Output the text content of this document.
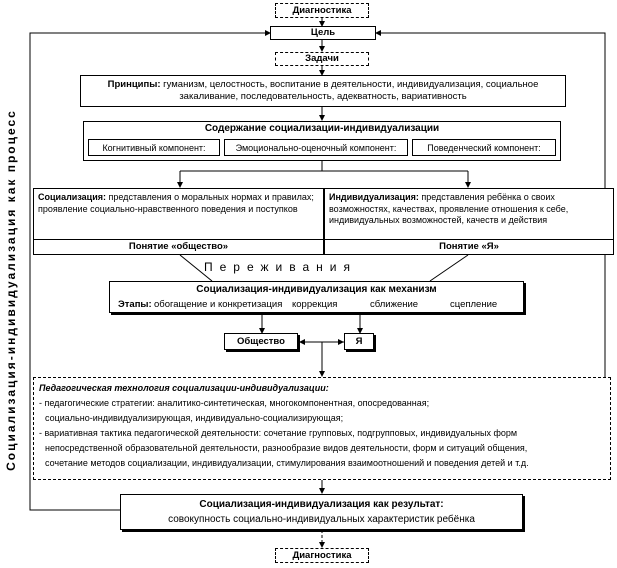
Социализация-индивидуализация как процесс
Диагностика
Цель
Задачи
Принципы: гуманизм, целостность, воспитание в деятельности, индивидуализация, социальное закаливание, последовательность, адекватность, вариативность
Содержание социализации-индивидуализации
Когнитивный компонент:	Эмоционально-оценочный компонент:	Поведенческий компонент:
Социализация: представления о моральных нормах и правилах; проявление социально-нравственного поведения и поступков
Понятие «общество»
Индивидуализация: представления ребёнка о своих возможностях, качествах, проявление отношения к себе, индивидуальных возможностей, качеств и действия
Понятие «Я»
Переживания
Социализация-индивидуализация как механизм
Этапы: обогащение и конкретизация коррекция	сближение	сцепление
Общество	Я
Педагогическая технология социализации-индивидуализации:
- педагогические стратегии: аналитико-синтетическая, многокомпонентная, опосредованная;
социально-индивидуализирующая, индивидуально-социализирующая;
- вариативная тактика педагогической деятельности: сочетание групповых, подгрупповых, индивидуальных форм
непосредственной образовательной деятельности, разнообразие видов деятельности, форм и ситуаций общения,
сочетание методов социализации, индивидуализации, стимулирования взаимоотношений и поведения детей и т.д.
Социализация-индивидуализация как результат:
совокупность социально-индивидуальных характеристик ребёнка
Диагностика
